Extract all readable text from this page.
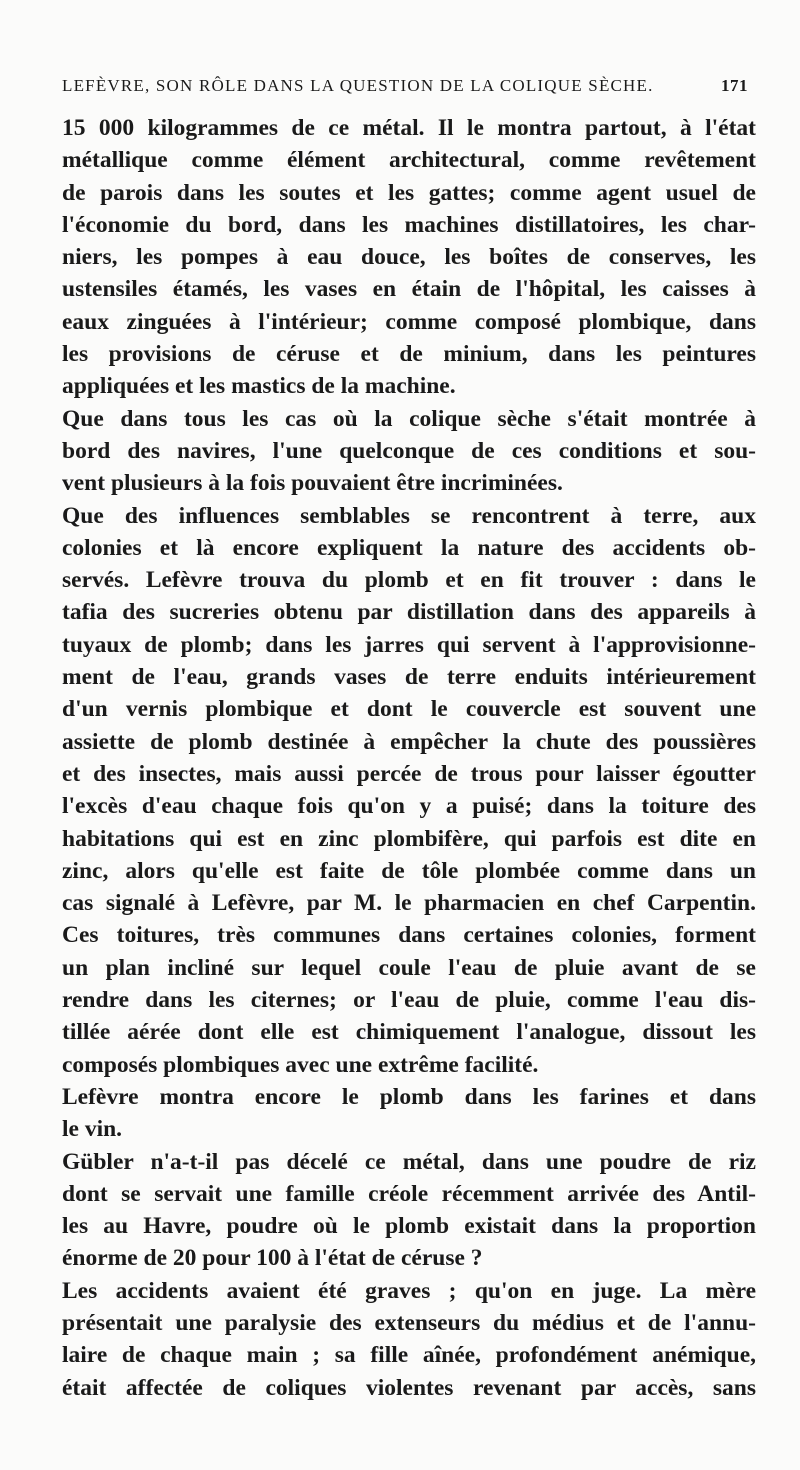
LEFÈVRE, SON RÔLE DANS LA QUESTION DE LA COLIQUE SÈCHE.	171
15 000 kilogrammes de ce métal. Il le montra partout, à l'état
métallique comme élément architectural, comme revêtement
de parois dans les soutes et les gattes; comme agent usuel de
l'économie du bord, dans les machines distillatoires, les char-
niers, les pompes à eau douce, les boîtes de conserves, les
ustensiles étamés, les vases en étain de l'hôpital, les caisses à
eaux zinguées à l'intérieur; comme composé plombique, dans
les provisions de céruse et de minium, dans les peintures
appliquées et les mastics de la machine.
Que dans tous les cas où la colique sèche s'était montrée à
bord des navires, l'une quelconque de ces conditions et sou-
vent plusieurs à la fois pouvaient être incriminées.
Que des influences semblables se rencontrent à terre, aux
colonies et là encore expliquent la nature des accidents ob-
servés. Lefèvre trouva du plomb et en fit trouver : dans le
tafia des sucreries obtenu par distillation dans des appareils à
tuyaux de plomb; dans les jarres qui servent à l'approvisionne-
ment de l'eau, grands vases de terre enduits intérieurement
d'un vernis plombique et dont le couvercle est souvent une
assiette de plomb destinée à empêcher la chute des poussières
et des insectes, mais aussi percée de trous pour laisser égoutter
l'excès d'eau chaque fois qu'on y a puisé; dans la toiture des
habitations qui est en zinc plombifère, qui parfois est dite en
zinc, alors qu'elle est faite de tôle plombée comme dans un
cas signalé à Lefèvre, par M. le pharmacien en chef Carpentin.
Ces toitures, très communes dans certaines colonies, forment
un plan incliné sur lequel coule l'eau de pluie avant de se
rendre dans les citernes; or l'eau de pluie, comme l'eau dis-
tillée aérée dont elle est chimiquement l'analogue, dissout les
composés plombiques avec une extrême facilité.
Lefèvre montra encore le plomb dans les farines et dans
le vin.
Gübler n'a-t-il pas décelé ce métal, dans une poudre de riz
dont se servait une famille créole récemment arrivée des Antil-
les au Havre, poudre où le plomb existait dans la proportion
énorme de 20 pour 100 à l'état de céruse ?
Les accidents avaient été graves ; qu'on en juge. La mère
présentait une paralysie des extenseurs du médius et de l'annu-
laire de chaque main ; sa fille aînée, profondément anémique,
était affectée de coliques violentes revenant par accès, sans
